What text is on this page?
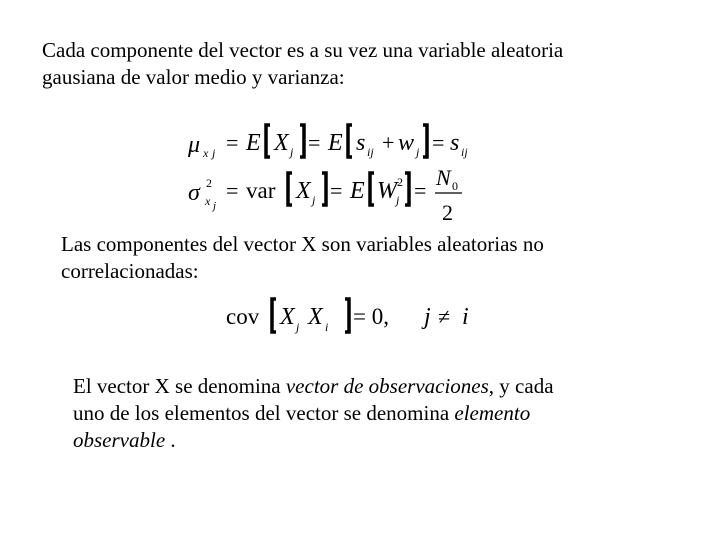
Cada componente del vector es a su vez una variable aleatoria
gausiana de valor medio y varianza:

μ x j = E X j = E s ij + w j = s ij
σ 2
x j
= var X j = E W 2
j =
N 0
2

Las componentes del vector X son variables aleatorias no
correlacionadas:

cov X j X i = 0, j ≠ i

El vector X se denomina vector de observaciones, y cada
uno de los elementos del vector se denomina elemento
observable .
